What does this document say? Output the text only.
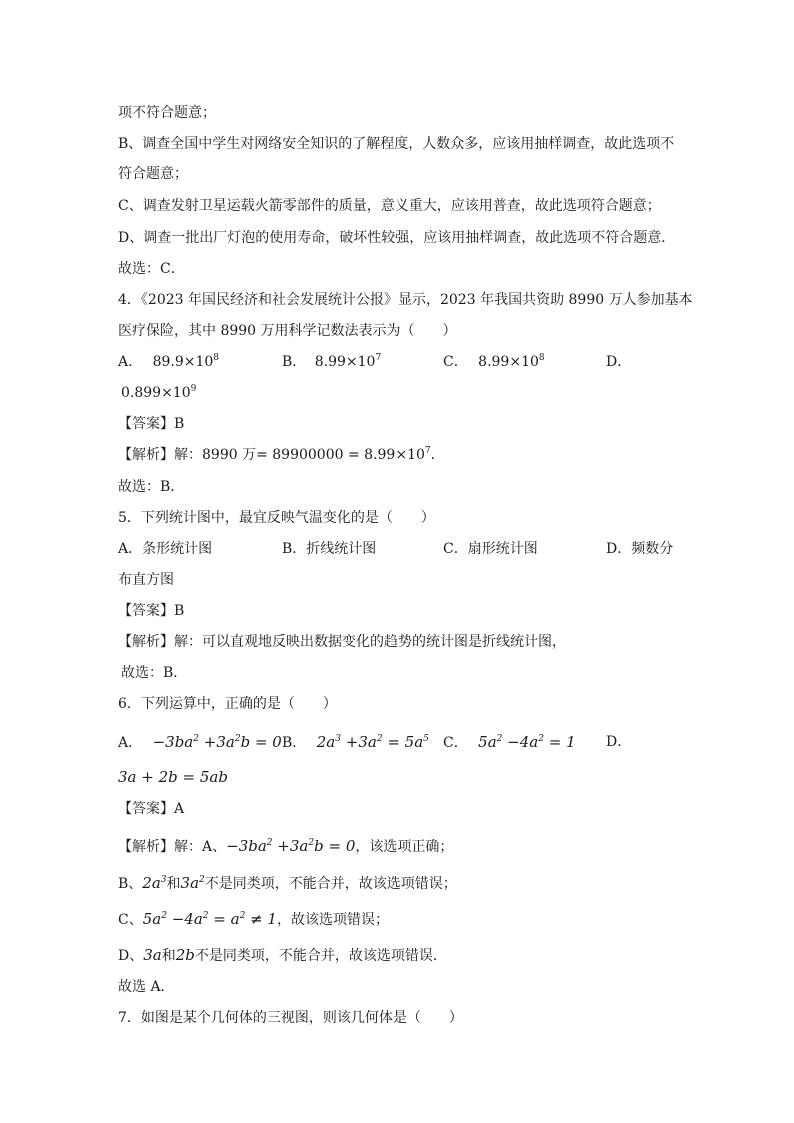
项不符合题意；
B、调查全国中学生对网络安全知识的了解程度，人数众多，应该用抽样调查，故此选项不
符合题意；
C、调查发射卫星运载火箭零部件的质量，意义重大，应该用普查，故此选项符合题意；
D、调查一批出厂灯泡的使用寿命，破坏性较强，应该用抽样调查，故此选项不符合题意．
故选：C．
4．《2023 年国民经济和社会发展统计公报》显示，2023 年我国共资助 8990 万人参加基本
医疗保险，其中 8990 万用科学记数法表示为（　　）
A． $89.9\times 10^8$	B． $8.99\times 10^7$	C． $8.99\times 10^8$	D．
$0.899\times 10^9$
【答案】B
【解析】解：8990 万= $89900000 = 8.99\times 10^7$．
故选：B．
5．下列统计图中，最宜反映气温变化的是（　　）
A．条形统计图	B．折线统计图	C．扇形统计图	D．频数分
布直方图
【答案】B
【解析】解：可以直观地反映出数据变化的趋势的统计图是折线统计图，
故选：B．
6．下列运算中，正确的是（　　）
A． $-3ba^2 +3a^2b = 0$ B． $2a^3 +3a^2 = 5a^5$ C． $5a^2 -4a^2 = 1$ D．
3a + 2b = 5ab
【答案】A
【解析】解：A、$-3ba^2 +3a^2b = 0$，该选项正确；
B、$2a^3$和$3a^2$不是同类项，不能合并，故该选项错误；
C、$5a^2 -4a^2 = a^2 \ne 1$，故该选项错误；
D、3a和2b不是同类项，不能合并，故该选项错误．
故选 A．
7．如图是某个几何体的三视图，则该几何体是（　　）
